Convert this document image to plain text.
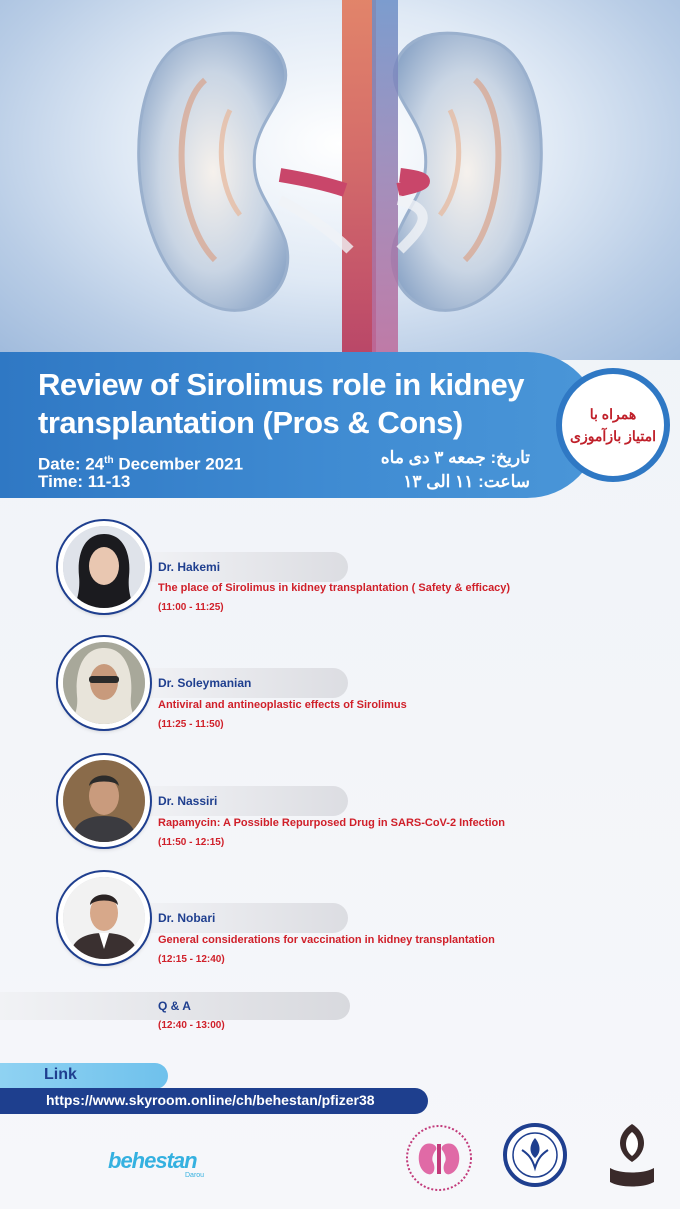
Review of Sirolimus role in kidney transplantation (Pros & Cons)
Date: 24th December 2021
Time: 11-13
تاریخ: جمعه ۳ دی ماه
ساعت: ۱۱ الی ۱۳
همراه با
امتیاز بازآموزی
Dr. Hakemi
The place of Sirolimus in kidney transplantation ( Safety & efficacy)
(11:00 - 11:25)
Dr. Soleymanian
Antiviral and antineoplastic effects of Sirolimus
(11:25 - 11:50)
Dr. Nassiri
Rapamycin: A Possible Repurposed Drug in SARS-CoV-2 Infection
(11:50 - 12:15)
Dr. Nobari
General considerations for vaccination in kidney transplantation
(12:15 - 12:40)
Q & A
(12:40 - 13:00)
Link
https://www.skyroom.online/ch/behestan/pfizer38
behestan
Darou
